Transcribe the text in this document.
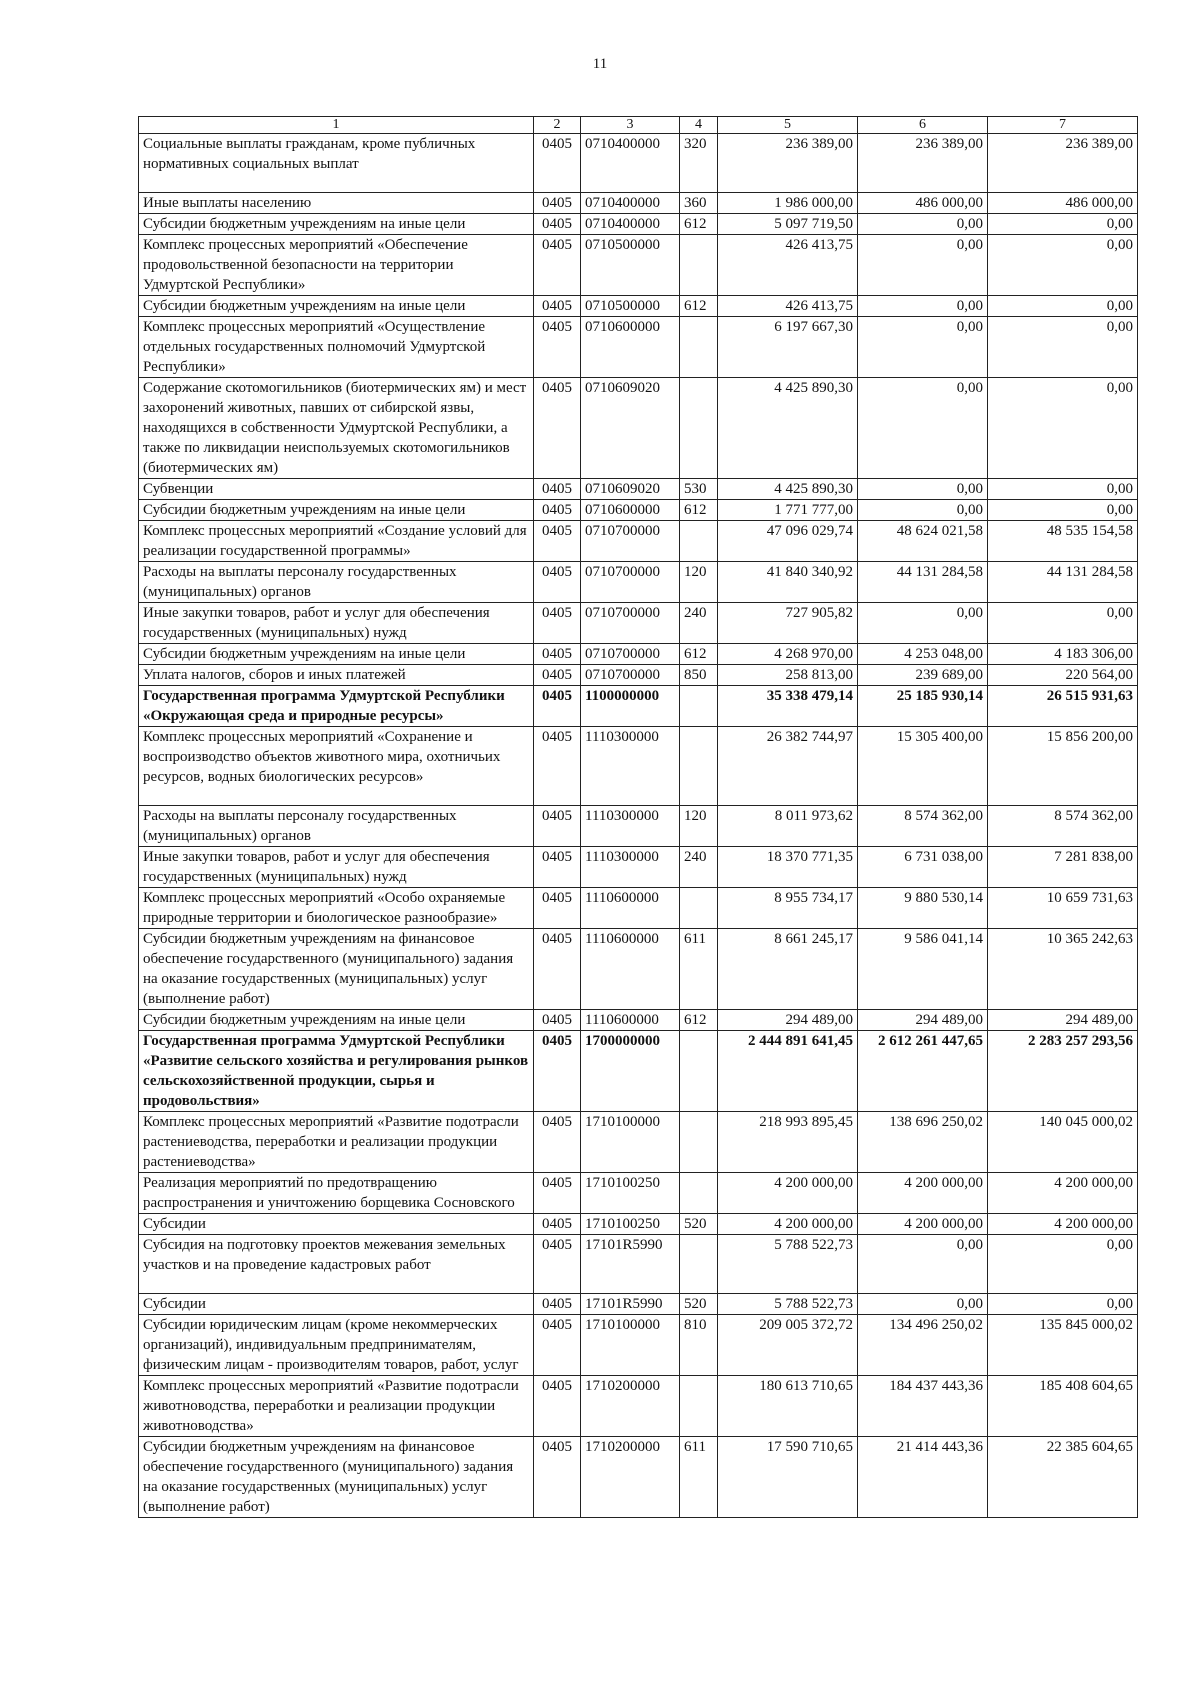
11
1	2	3	4	5	6	7
Социальные выплаты гражданам, кроме публичных нормативных социальных выплат	0405	0710400000	320	236 389,00	236 389,00	236 389,00
Иные выплаты населению	0405	0710400000	360	1 986 000,00	486 000,00	486 000,00
Субсидии бюджетным учреждениям на иные цели	0405	0710400000	612	5 097 719,50	0,00	0,00
Комплекс процессных мероприятий «Обеспечение продовольственной безопасности на территории Удмуртской Республики»	0405	0710500000		426 413,75	0,00	0,00
Субсидии бюджетным учреждениям на иные цели	0405	0710500000	612	426 413,75	0,00	0,00
Комплекс процессных мероприятий «Осуществление отдельных государственных полномочий Удмуртской Республики»	0405	0710600000		6 197 667,30	0,00	0,00
Содержание скотомогильников (биотермических ям) и мест захоронений животных, павших от сибирской язвы, находящихся в собственности Удмуртской Республики, а также по ликвидации неиспользуемых скотомогильников (биотермических ям)	0405	0710609020		4 425 890,30	0,00	0,00
Субвенции	0405	0710609020	530	4 425 890,30	0,00	0,00
Субсидии бюджетным учреждениям на иные цели	0405	0710600000	612	1 771 777,00	0,00	0,00
Комплекс процессных мероприятий «Создание условий для реализации государственной программы»	0405	0710700000		47 096 029,74	48 624 021,58	48 535 154,58
Расходы на выплаты персоналу государственных (муниципальных) органов	0405	0710700000	120	41 840 340,92	44 131 284,58	44 131 284,58
Иные закупки товаров, работ и услуг для обеспечения государственных (муниципальных) нужд	0405	0710700000	240	727 905,82	0,00	0,00
Субсидии бюджетным учреждениям на иные цели	0405	0710700000	612	4 268 970,00	4 253 048,00	4 183 306,00
Уплата налогов, сборов и иных платежей	0405	0710700000	850	258 813,00	239 689,00	220 564,00
Государственная программа Удмуртской Республики «Окружающая среда и природные ресурсы»	0405	1100000000		35 338 479,14	25 185 930,14	26 515 931,63
Комплекс процессных мероприятий «Сохранение и воспроизводство объектов животного мира, охотничьих ресурсов, водных биологических ресурсов»	0405	1110300000		26 382 744,97	15 305 400,00	15 856 200,00
Расходы на выплаты персоналу государственных (муниципальных) органов	0405	1110300000	120	8 011 973,62	8 574 362,00	8 574 362,00
Иные закупки товаров, работ и услуг для обеспечения государственных (муниципальных) нужд	0405	1110300000	240	18 370 771,35	6 731 038,00	7 281 838,00
Комплекс процессных мероприятий «Особо охраняемые природные территории и биологическое разнообразие»	0405	1110600000		8 955 734,17	9 880 530,14	10 659 731,63
Субсидии бюджетным учреждениям на финансовое обеспечение государственного (муниципального) задания на оказание государственных (муниципальных) услуг (выполнение работ)	0405	1110600000	611	8 661 245,17	9 586 041,14	10 365 242,63
Субсидии бюджетным учреждениям на иные цели	0405	1110600000	612	294 489,00	294 489,00	294 489,00
Государственная программа Удмуртской Республики «Развитие сельского хозяйства и регулирования рынков сельскохозяйственной продукции, сырья и продовольствия»	0405	1700000000		2 444 891 641,45	2 612 261 447,65	2 283 257 293,56
Комплекс процессных мероприятий «Развитие подотрасли растениеводства, переработки и реализации продукции растениеводства»	0405	1710100000		218 993 895,45	138 696 250,02	140 045 000,02
Реализация мероприятий по предотвращению распространения и уничтожению борщевика Сосновского	0405	1710100250		4 200 000,00	4 200 000,00	4 200 000,00
Субсидии	0405	1710100250	520	4 200 000,00	4 200 000,00	4 200 000,00
Субсидия на подготовку проектов межевания земельных участков и на проведение кадастровых работ	0405	17101R5990		5 788 522,73	0,00	0,00
Субсидии	0405	17101R5990	520	5 788 522,73	0,00	0,00
Субсидии юридическим лицам (кроме некоммерческих организаций), индивидуальным предпринимателям, физическим лицам - производителям товаров, работ, услуг	0405	1710100000	810	209 005 372,72	134 496 250,02	135 845 000,02
Комплекс процессных мероприятий «Развитие подотрасли животноводства, переработки и реализации продукции животноводства»	0405	1710200000		180 613 710,65	184 437 443,36	185 408 604,65
Субсидии бюджетным учреждениям на финансовое обеспечение государственного (муниципального) задания на оказание государственных (муниципальных) услуг (выполнение работ)	0405	1710200000	611	17 590 710,65	21 414 443,36	22 385 604,65
